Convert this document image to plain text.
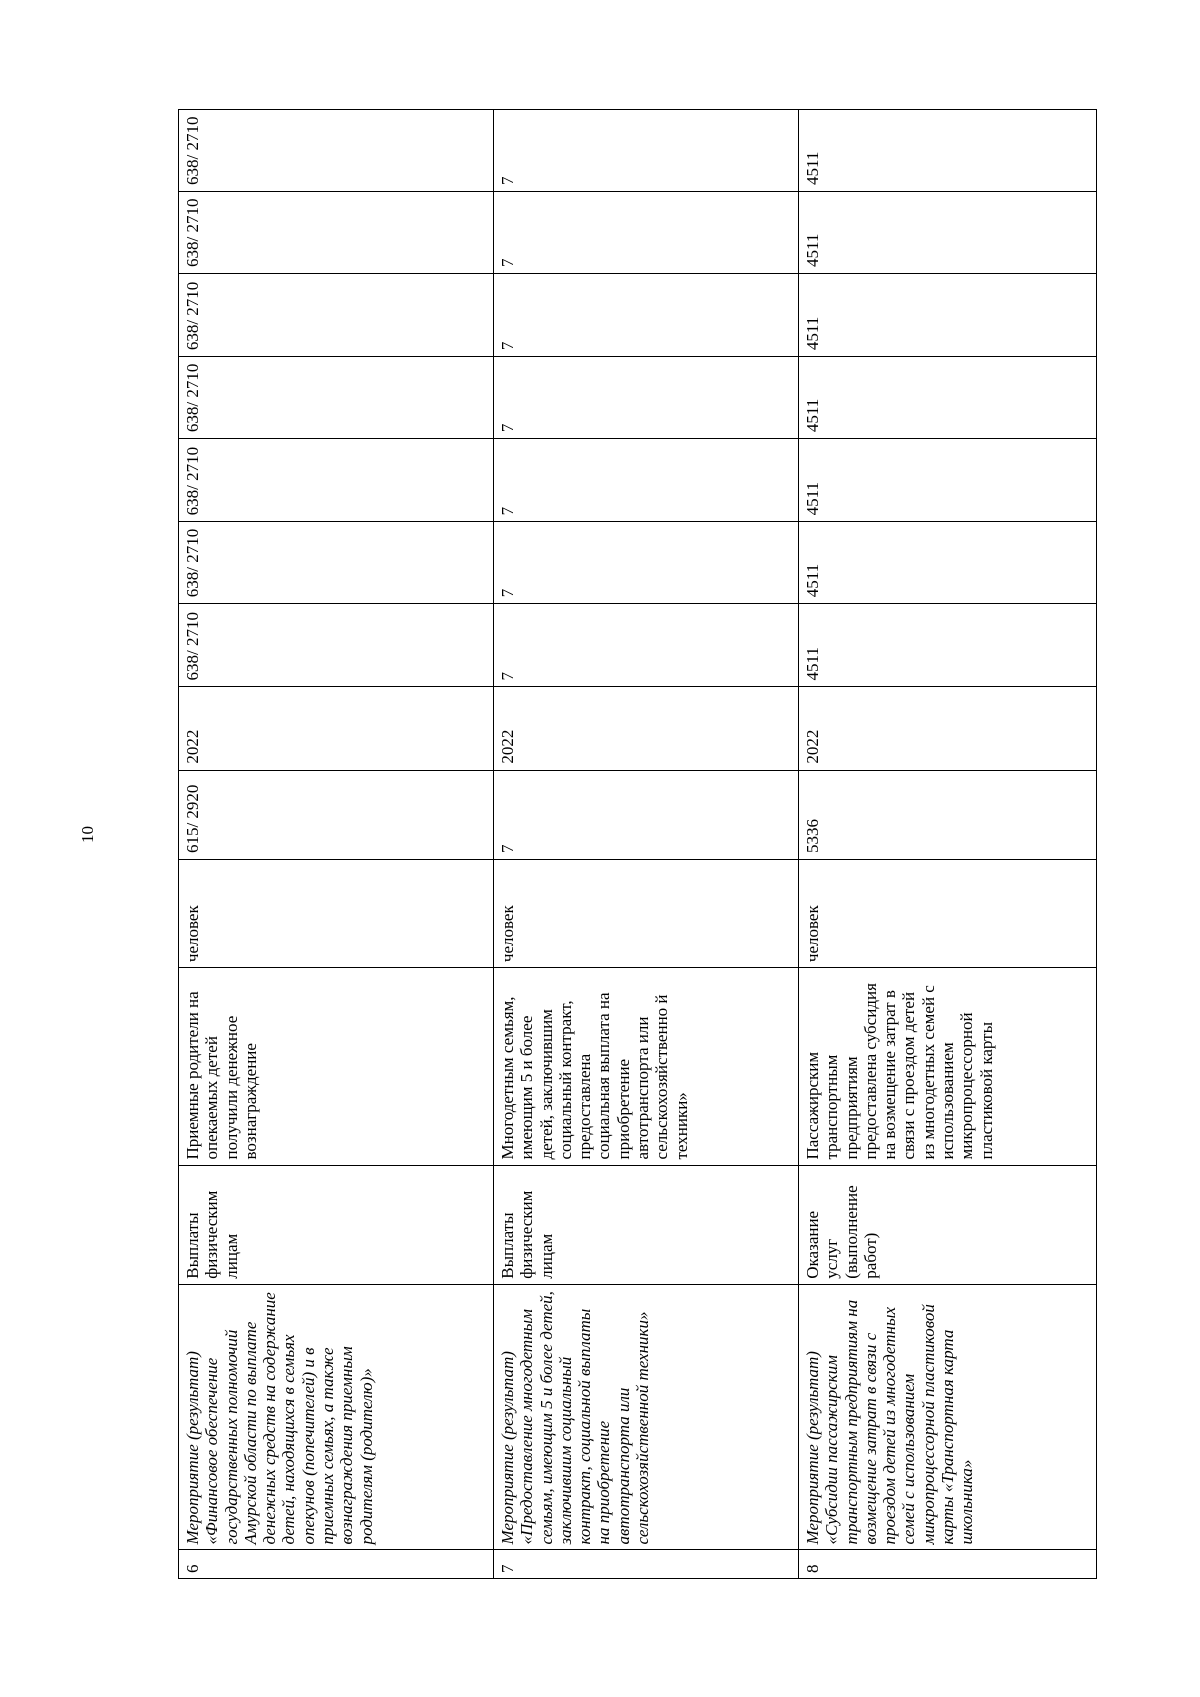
10
6	Мероприятие (результат) «Финансовое обеспечение государственных полномочий Амурской области по выплате денежных средств на содержание детей, находящихся в семьях опекунов (попечителей) и в приемных семьях, а также вознаграждения приемным родителям (родителю)»	Выплаты физическим лицам	Приемные родители на опекаемых детей получили денежное вознаграждение	человек	615/ 2920	2022	638/ 2710	638/ 2710	638/ 2710	638/ 2710	638/ 2710	638/ 2710	638/ 2710
7	Мероприятие (результат) «Предоставление многодетным семьям, имеющим 5 и более детей, заключившим социальный контракт, социальной выплаты на приобретение автотранспорта или сельскохозяйственной техники»	Выплаты физическим лицам	Многодетным семьям, имеющим 5 и более детей, заключившим социальный контракт, предоставлена социальная выплата на приобретение автотранспорта или сельскохозяйственно й техники»	человек	7	2022	7	7	7	7	7	7	7
8	Мероприятие (результат) «Субсидии пассажирским транспортным предприятиям на возмещение затрат в связи с проездом детей из многодетных семей с использованием микропроцессорной пластиковой карты «Транспортная карта школьника»	Оказание услуг (выполнение работ)	Пассажирским транспортным предприятиям предоставлена субсидия на возмещение затрат в связи с проездом детей из многодетных семей с использованием микропроцессорной пластиковой карты	человек	5336	2022	4511	4511	4511	4511	4511	4511	4511
